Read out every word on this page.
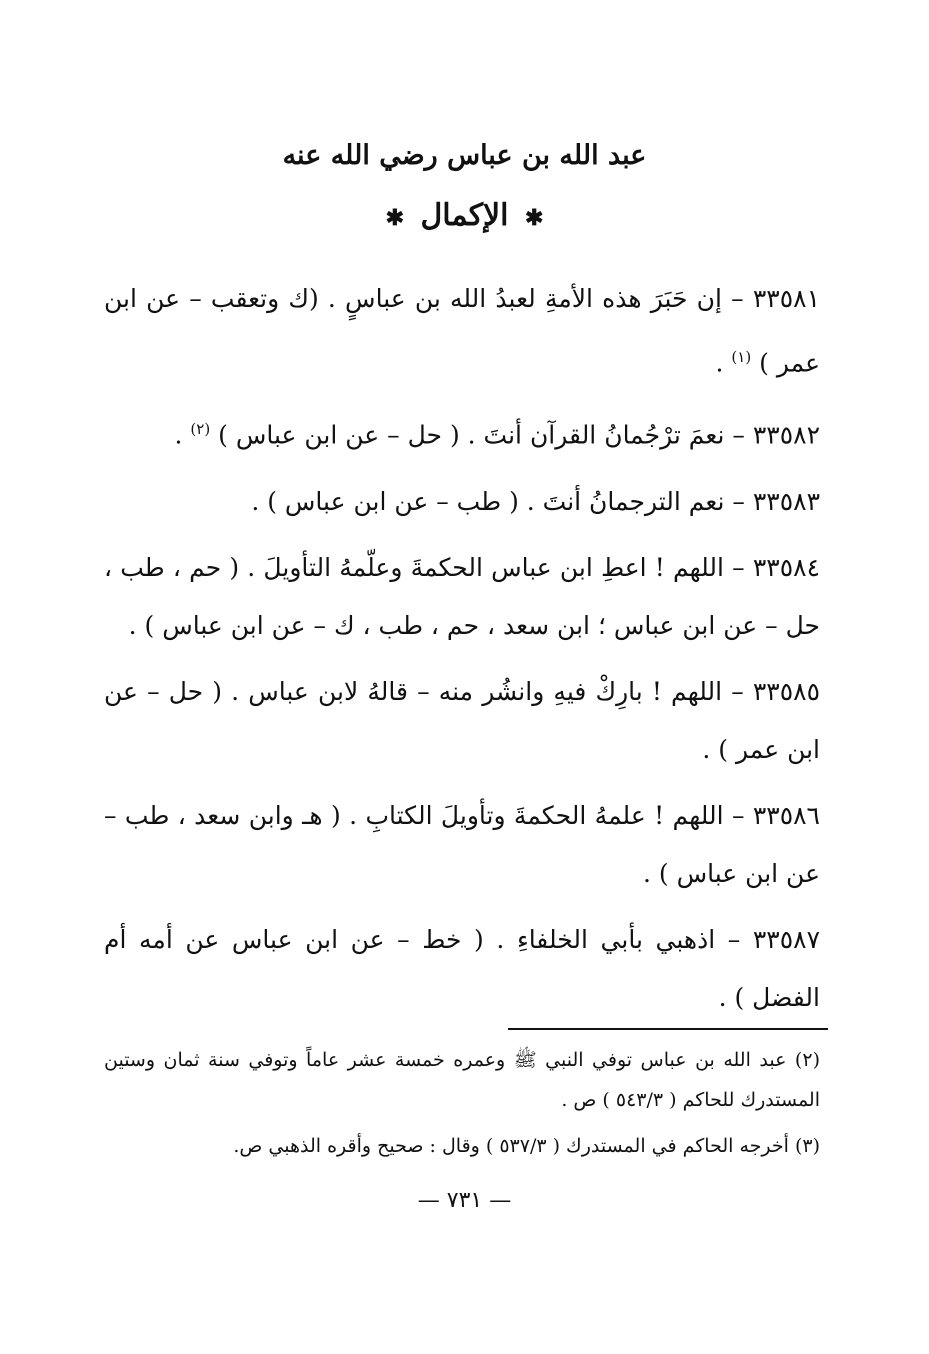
عبد الله بن عباس رضي الله عنه
✱ الإكمال ✱
٣٣٥٨١ – إن حَبَرَ هذه الأمةِ لعبدُ الله بن عباسٍ . (ك وتعقب – عن ابن عمر ) $^{(١)}$ .
٣٣٥٨٢ – نعمَ ترْجُمانُ القرآن أنتَ . ( حل – عن ابن عباس ) $^{(٢)}$ .
٣٣٥٨٣ – نعم الترجمانُ أنتَ . ( طب – عن ابن عباس ) .
٣٣٥٨٤ – اللهم ! اعطِ ابن عباس الحكمةَ وعلّمهُ التأويلَ . ( حم ، طب ، حل – عن ابن عباس ؛ ابن سعد ، حم ، طب ، ك – عن ابن عباس ) .
٣٣٥٨٥ – اللهم ! بارِكْ فيهِ وانشُر منه – قالهُ لابن عباس . ( حل – عن ابن عمر ) .
٣٣٥٨٦ – اللهم ! علمهُ الحكمةَ وتأويلَ الكتابِ . ( هـ وابن سعد ، طب – عن ابن عباس ) .
٣٣٥٨٧ – اذهبي بأبي الخلفاءِ . ( خط – عن ابن عباس عن أمه أم الفضل ) .
(٢) عبد الله بن عباس توفي النبي ﷺ وعمره خمسة عشر عاماً وتوفي سنة ثمان وستين المستدرك للحاكم ( ٥٤٣/٣ ) ص .
(٣) أخرجه الحاكم في المستدرك ( ٥٣٧/٣ ) وقال : صحيح وأقره الذهبي ص.
— ٧٣١ —
